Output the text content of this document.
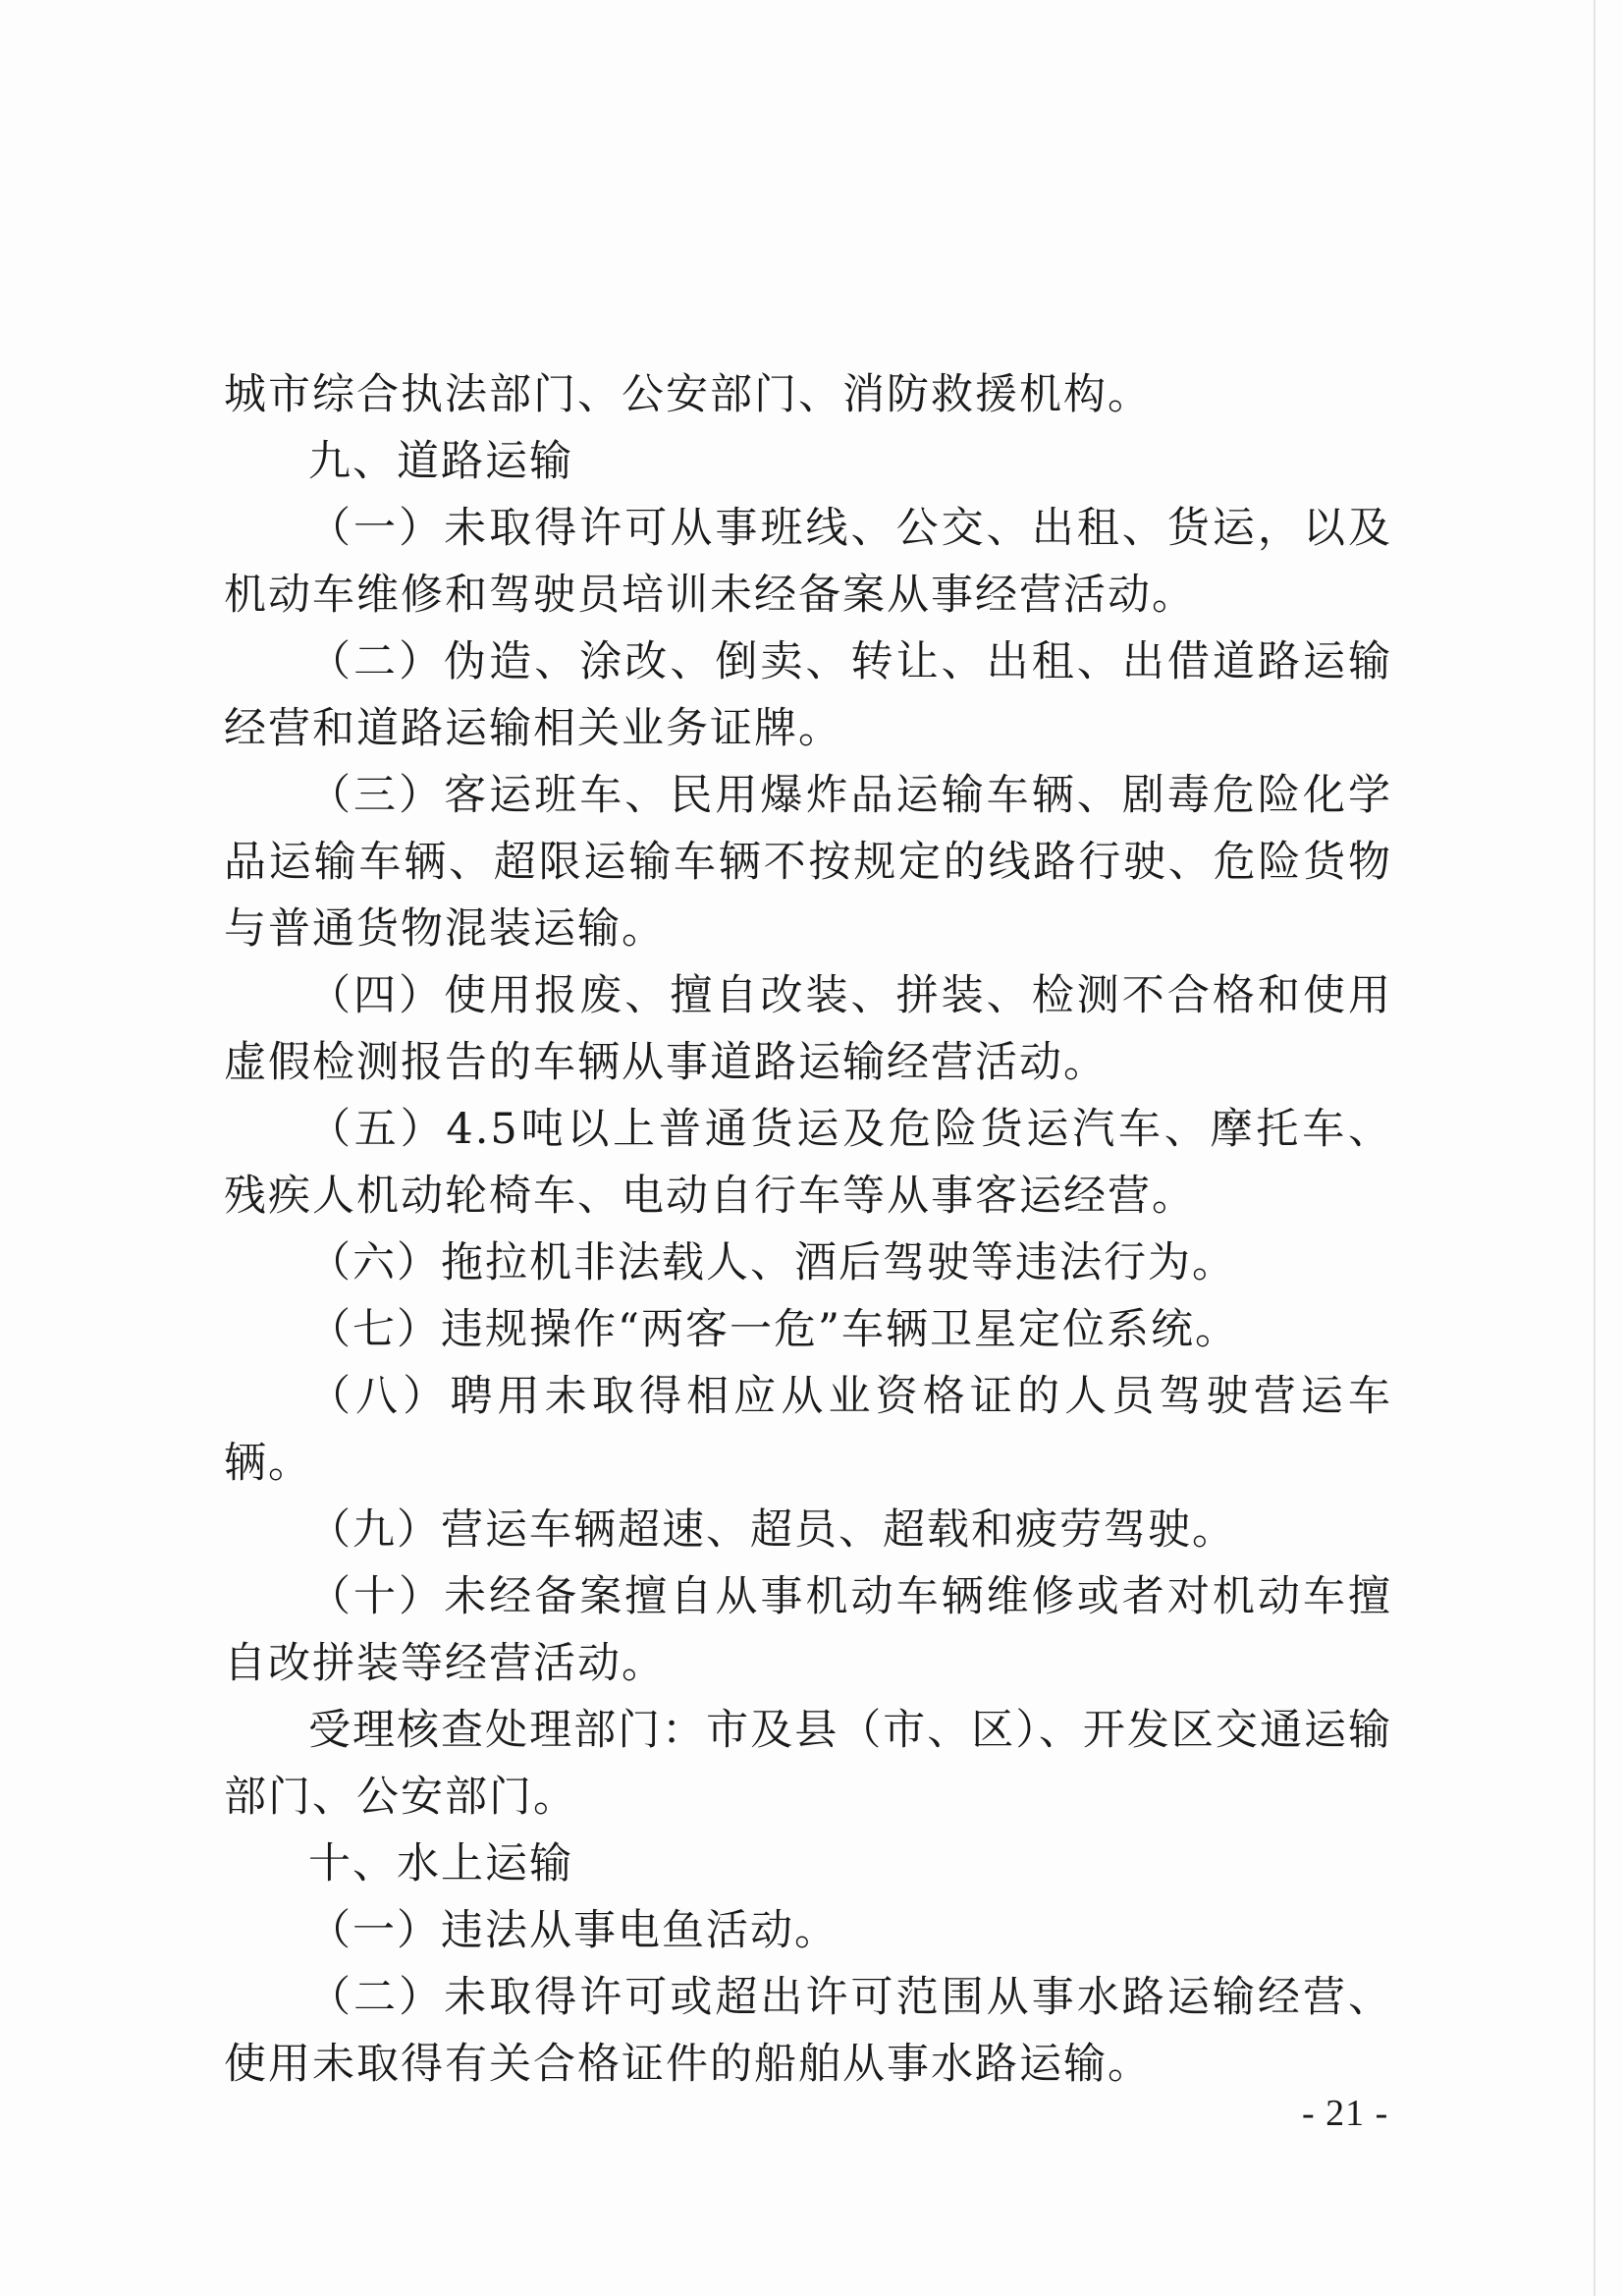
城市综合执法部门、公安部门、消防救援机构。

九、道路运输

（一）未取得许可从事班线、公交、出租、货运，以及机动车维修和驾驶员培训未经备案从事经营活动。

（二）伪造、涂改、倒卖、转让、出租、出借道路运输经营和道路运输相关业务证牌。

（三）客运班车、民用爆炸品运输车辆、剧毒危险化学品运输车辆、超限运输车辆不按规定的线路行驶、危险货物与普通货物混装运输。

（四）使用报废、擅自改装、拼装、检测不合格和使用虚假检测报告的车辆从事道路运输经营活动。

（五）4.5吨以上普通货运及危险货运汽车、摩托车、残疾人机动轮椅车、电动自行车等从事客运经营。

（六）拖拉机非法载人、酒后驾驶等违法行为。

（七）违规操作“两客一危”车辆卫星定位系统。

（八）聘用未取得相应从业资格证的人员驾驶营运车辆。

（九）营运车辆超速、超员、超载和疲劳驾驶。

（十）未经备案擅自从事机动车辆维修或者对机动车擅自改拼装等经营活动。

受理核查处理部门：市及县（市、区）、开发区交通运输部门、公安部门。

十、水上运输

（一）违法从事电鱼活动。

（二）未取得许可或超出许可范围从事水路运输经营、使用未取得有关合格证件的船舶从事水路运输。

- 21 -
